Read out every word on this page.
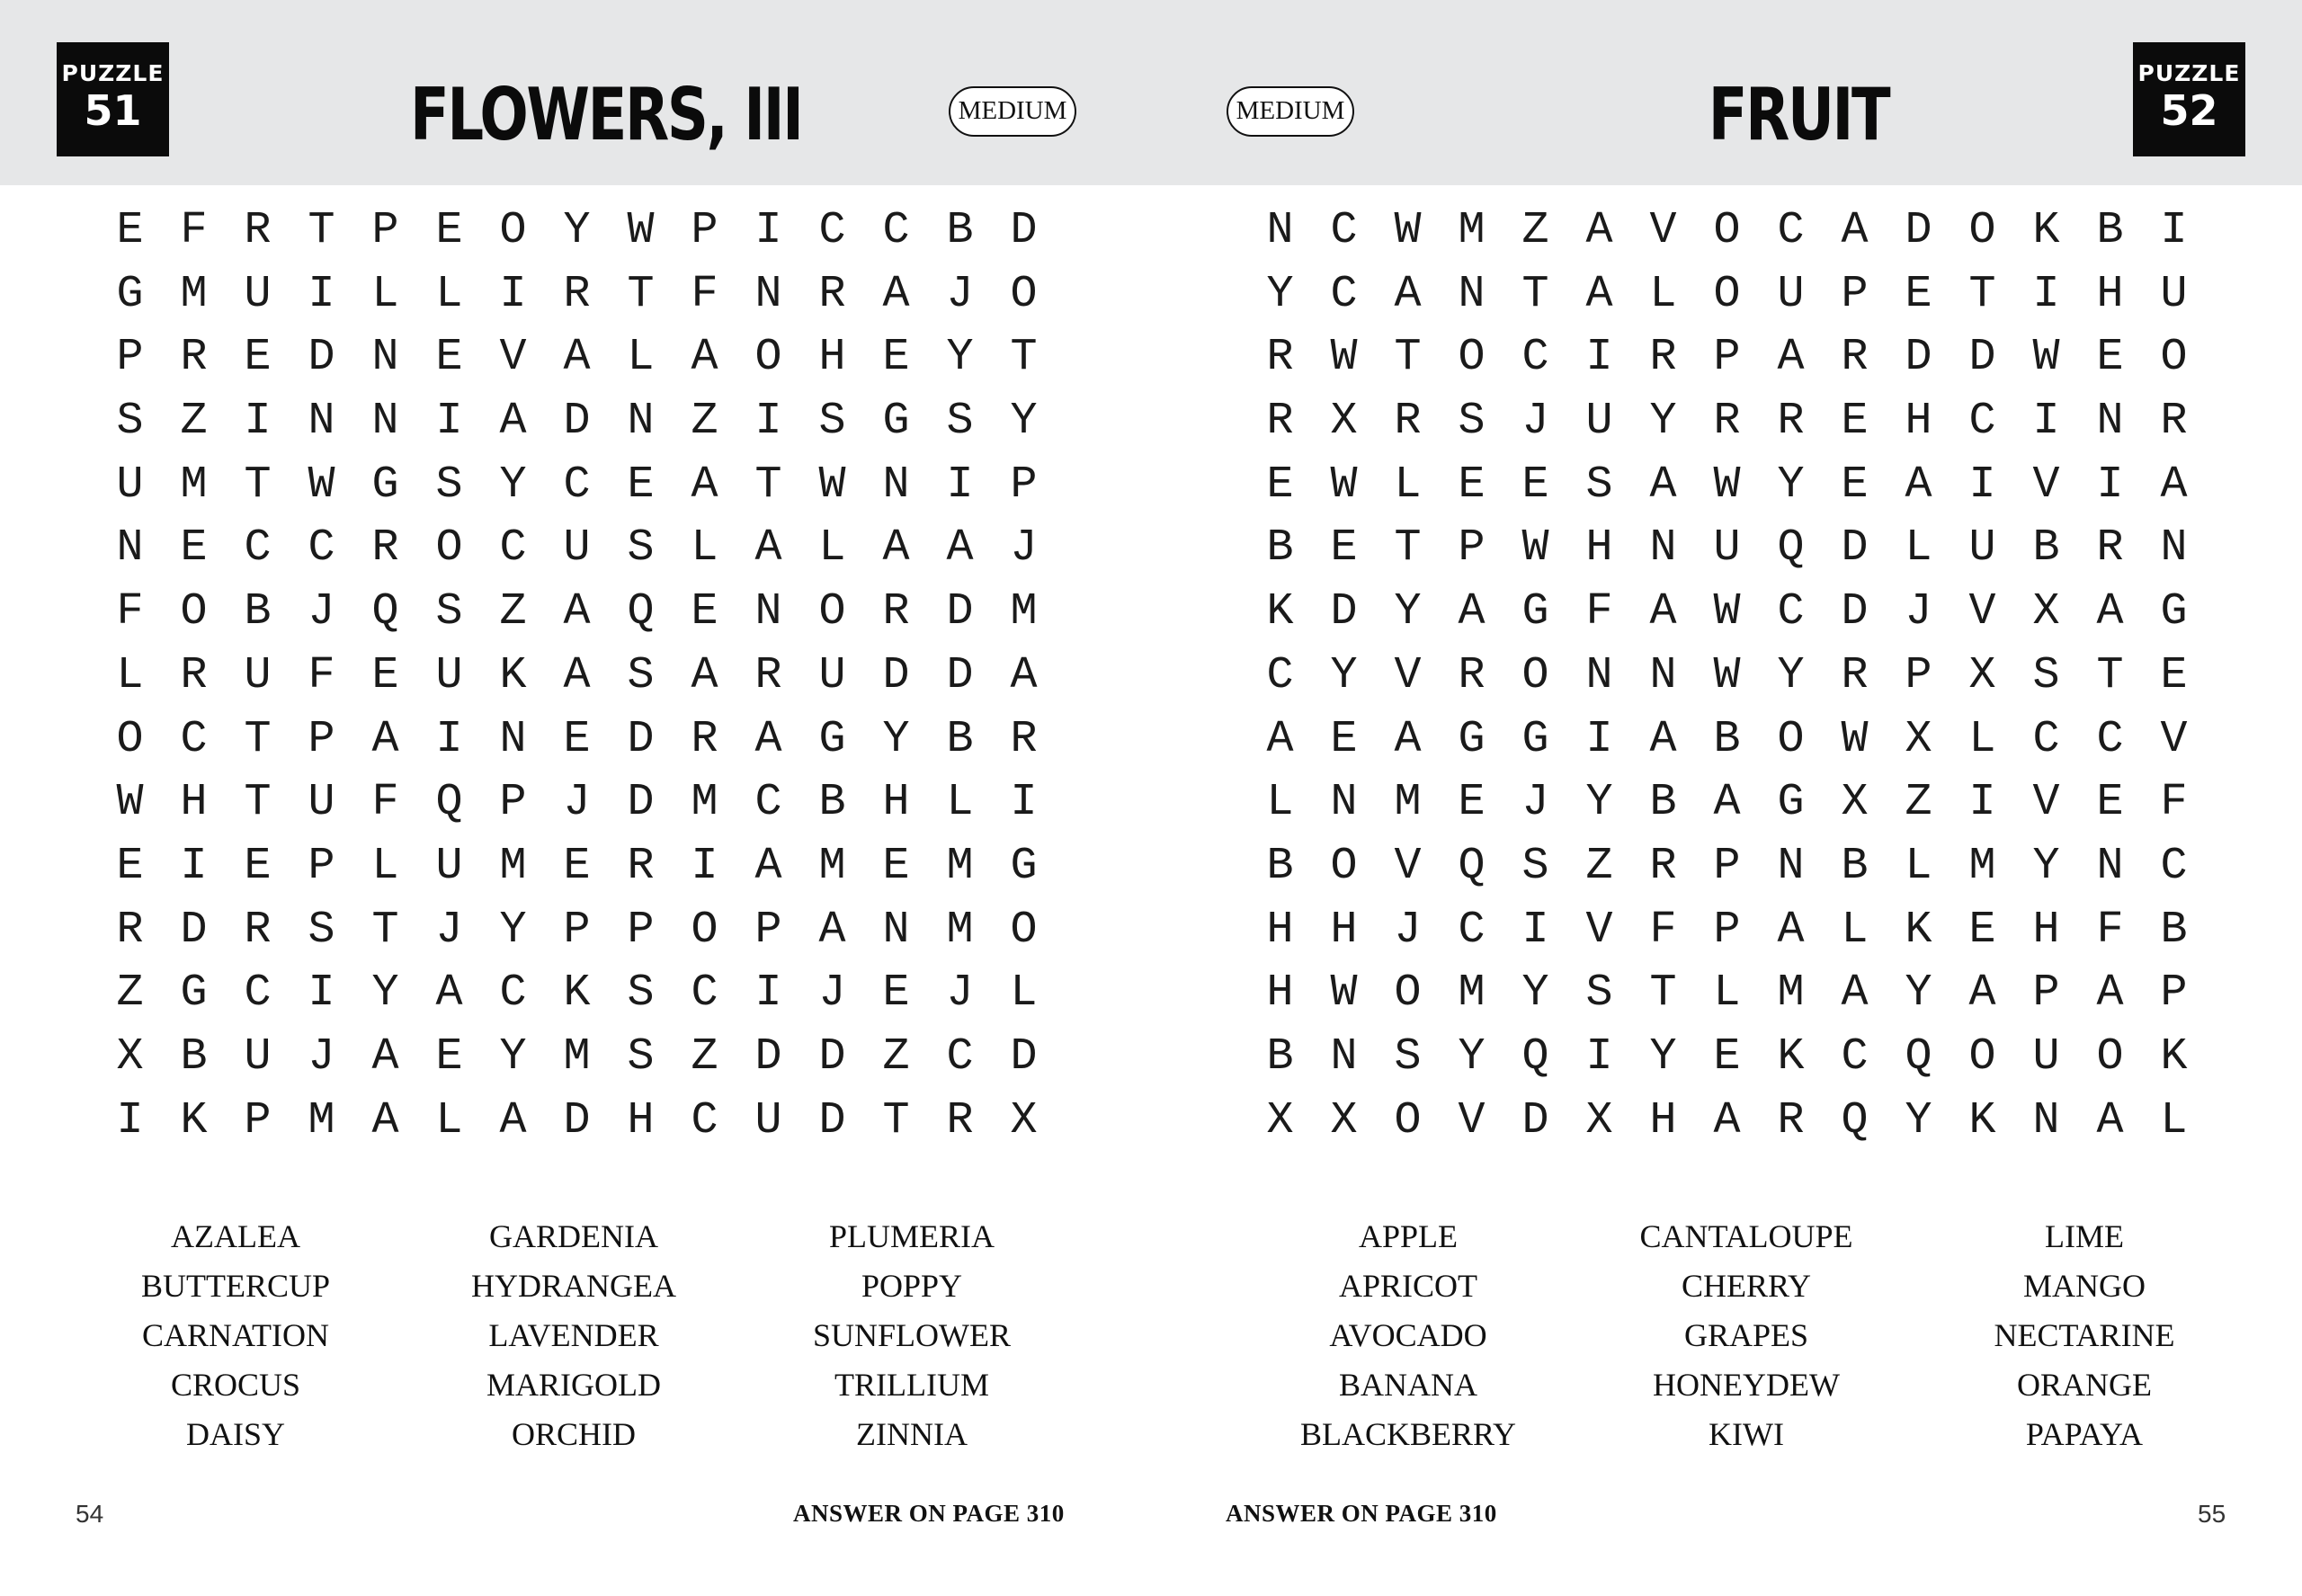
PUZZLE
51	FLOWERS, III	MEDIUM
E F R T P E O Y W P I C C B D
G M U I L L I R T F N R A J O
P R E D N E V A L A O H E Y T
S Z I N N I A D N Z I S G S Y
U M T W G S Y C E A T W N I P
N E C C R O C U S L A L A A J
F O B J Q S Z A Q E N O R D M
L R U F E U K A S A R U D D A
O C T P A I N E D R A G Y B R
W H T U F Q P J D M C B H L I
E I E P L U M E R I A M E M G
R D R S T J Y P P O P A N M O
Z G C I Y A C K S C I J E J L
X B U J A E Y M S Z D D Z C D
I K P M A L A D H C U D T R X
AZALEA
BUTTERCUP
CARNATION
CROCUS
DAISY
GARDENIA
HYDRANGEA
LAVENDER
MARIGOLD
ORCHID
PLUMERIA
POPPY
SUNFLOWER
TRILLIUM
ZINNIA
54	ANSWER ON PAGE 310
MEDIUM	FRUIT	PUZZLE
52
N C W M Z A V O C A D O K B I
Y C A N T A L O U P E T I H U
R W T O C I R P A R D D W E O
R X R S J U Y R R E H C I N R
E W L E E S A W Y E A I V I A
B E T P W H N U Q D L U B R N
K D Y A G F A W C D J V X A G
C Y V R O N N W Y R P X S T E
A E A G G I A B O W X L C C V
L N M E J Y B A G X Z I V E F
B O V Q S Z R P N B L M Y N C
H H J C I V F P A L K E H F B
H W O M Y S T L M A Y A P A P
B N S Y Q I Y E K C Q O U O K
X X O V D X H A R Q Y K N A L
APPLE
APRICOT
AVOCADO
BANANA
BLACKBERRY
CANTALOUPE
CHERRY
GRAPES
HONEYDEW
KIWI
LIME
MANGO
NECTARINE
ORANGE
PAPAYA
ANSWER ON PAGE 310	55
